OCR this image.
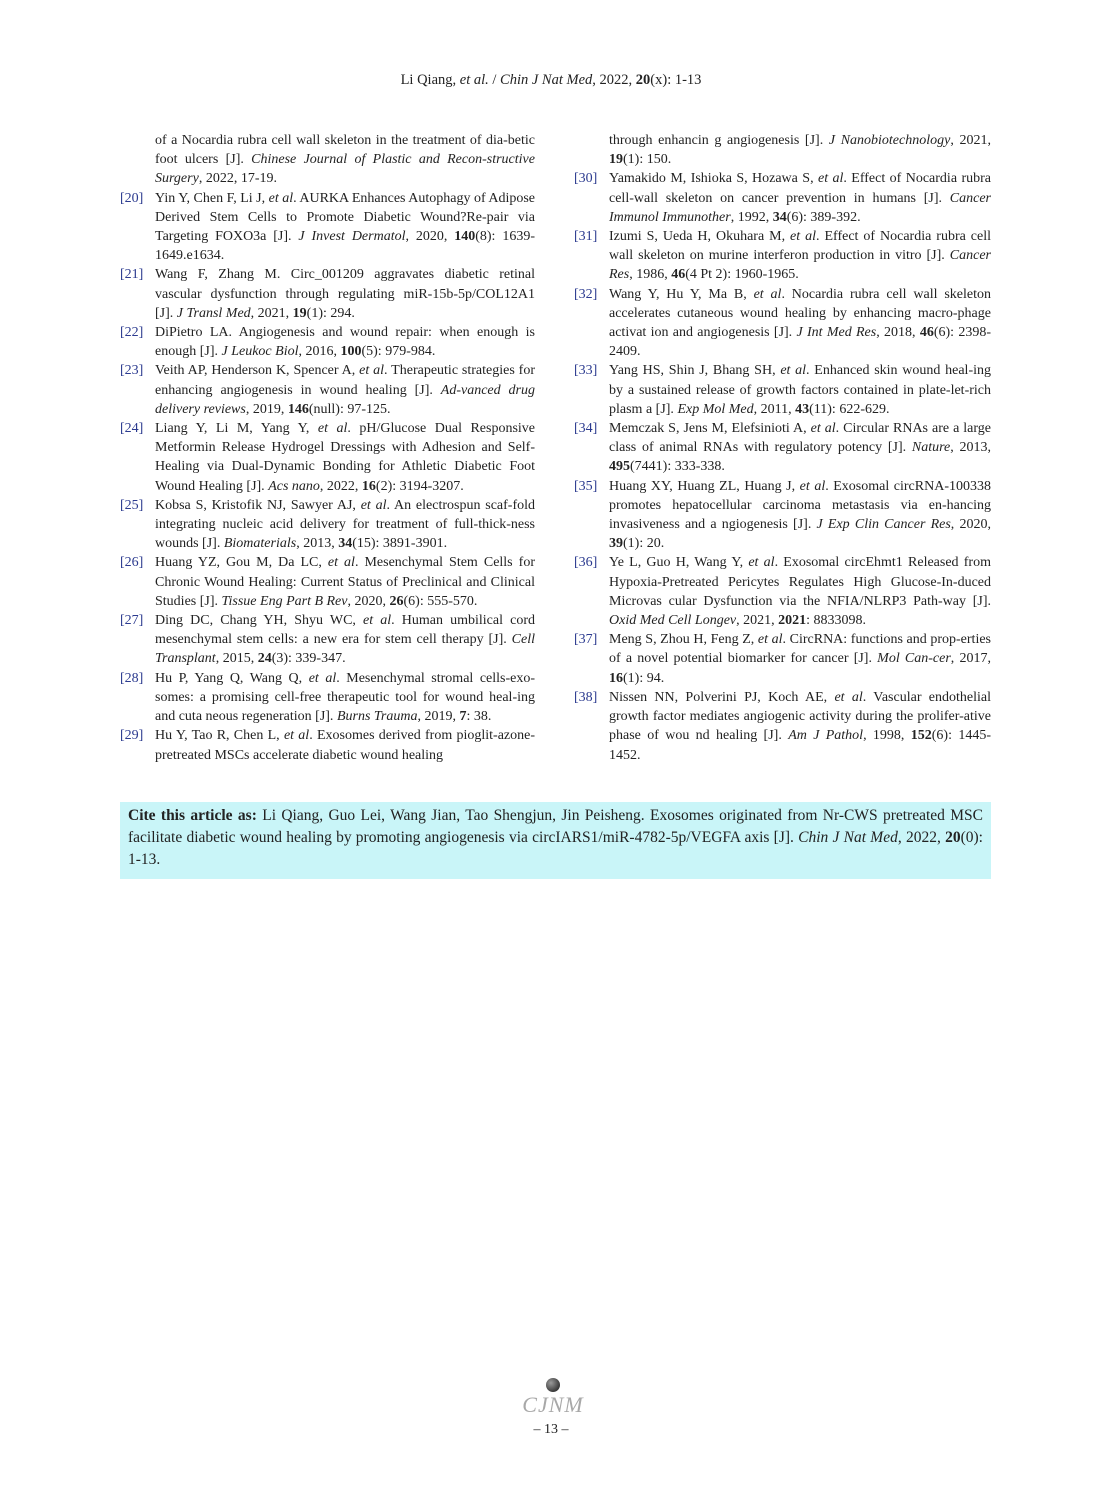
Li Qiang, et al. / Chin J Nat Med, 2022, 20(x): 1-13
of a Nocardia rubra cell wall skeleton in the treatment of dia-betic foot ulcers [J]. Chinese Journal of Plastic and Recon-structive Surgery, 2022, 17-19.
[20] Yin Y, Chen F, Li J, et al. AURKA Enhances Autophagy of Adipose Derived Stem Cells to Promote Diabetic Wound?Re-pair via Targeting FOXO3a [J]. J Invest Dermatol, 2020, 140(8): 1639-1649.e1634.
[21] Wang F, Zhang M. Circ_001209 aggravates diabetic retinal vascular dysfunction through regulating miR-15b-5p/COL12A1 [J]. J Transl Med, 2021, 19(1): 294.
[22] DiPietro LA. Angiogenesis and wound repair: when enough is enough [J]. J Leukoc Biol, 2016, 100(5): 979-984.
[23] Veith AP, Henderson K, Spencer A, et al. Therapeutic strategies for enhancing angiogenesis in wound healing [J]. Ad-vanced drug delivery reviews, 2019, 146(null): 97-125.
[24] Liang Y, Li M, Yang Y, et al. pH/Glucose Dual Responsive Metformin Release Hydrogel Dressings with Adhesion and Self-Healing via Dual-Dynamic Bonding for Athletic Diabetic Foot Wound Healing [J]. Acs nano, 2022, 16(2): 3194-3207.
[25] Kobsa S, Kristofik NJ, Sawyer AJ, et al. An electrospun scaf-fold integrating nucleic acid delivery for treatment of full-thick-ness wounds [J]. Biomaterials, 2013, 34(15): 3891-3901.
[26] Huang YZ, Gou M, Da LC, et al. Mesenchymal Stem Cells for Chronic Wound Healing: Current Status of Preclinical and Clinical Studies [J]. Tissue Eng Part B Rev, 2020, 26(6): 555-570.
[27] Ding DC, Chang YH, Shyu WC, et al. Human umbilical cord mesenchymal stem cells: a new era for stem cell therapy [J]. Cell Transplant, 2015, 24(3): 339-347.
[28] Hu P, Yang Q, Wang Q, et al. Mesenchymal stromal cells-exo-somes: a promising cell-free therapeutic tool for wound heal-ing and cuta neous regeneration [J]. Burns Trauma, 2019, 7: 38.
[29] Hu Y, Tao R, Chen L, et al. Exosomes derived from pioglit-azone-pretreated MSCs accelerate diabetic wound healing
through enhancin g angiogenesis [J]. J Nanobiotechnology, 2021, 19(1): 150.
[30] Yamakido M, Ishioka S, Hozawa S, et al. Effect of Nocardia rubra cell-wall skeleton on cancer prevention in humans [J]. Cancer Immunol Immunother, 1992, 34(6): 389-392.
[31] Izumi S, Ueda H, Okuhara M, et al. Effect of Nocardia rubra cell wall skeleton on murine interferon production in vitro [J]. Cancer Res, 1986, 46(4 Pt 2): 1960-1965.
[32] Wang Y, Hu Y, Ma B, et al. Nocardia rubra cell wall skeleton accelerates cutaneous wound healing by enhancing macro-phage activat ion and angiogenesis [J]. J Int Med Res, 2018, 46(6): 2398-2409.
[33] Yang HS, Shin J, Bhang SH, et al. Enhanced skin wound heal-ing by a sustained release of growth factors contained in plate-let-rich plasm a [J]. Exp Mol Med, 2011, 43(11): 622-629.
[34] Memczak S, Jens M, Elefsinioti A, et al. Circular RNAs are a large class of animal RNAs with regulatory potency [J]. Nature, 2013, 495(7441): 333-338.
[35] Huang XY, Huang ZL, Huang J, et al. Exosomal circRNA-100338 promotes hepatocellular carcinoma metastasis via en-hancing invasiveness and a ngiogenesis [J]. J Exp Clin Cancer Res, 2020, 39(1): 20.
[36] Ye L, Guo H, Wang Y, et al. Exosomal circEhmt1 Released from Hypoxia-Pretreated Pericytes Regulates High Glucose-In-duced Microvas cular Dysfunction via the NFIA/NLRP3 Path-way [J]. Oxid Med Cell Longev, 2021, 2021: 8833098.
[37] Meng S, Zhou H, Feng Z, et al. CircRNA: functions and prop-erties of a novel potential biomarker for cancer [J]. Mol Can-cer, 2017, 16(1): 94.
[38] Nissen NN, Polverini PJ, Koch AE, et al. Vascular endothelial growth factor mediates angiogenic activity during the prolifer-ative phase of wou nd healing [J]. Am J Pathol, 1998, 152(6): 1445-1452.
Cite this article as: Li Qiang, Guo Lei, Wang Jian, Tao Shengjun, Jin Peisheng. Exosomes originated from Nr-CWS pretreated MSC facilitate diabetic wound healing by promoting angiogenesis via circIARS1/miR-4782-5p/VEGFA axis [J]. Chin J Nat Med, 2022, 20(0): 1-13.
CJNM
– 13 –
